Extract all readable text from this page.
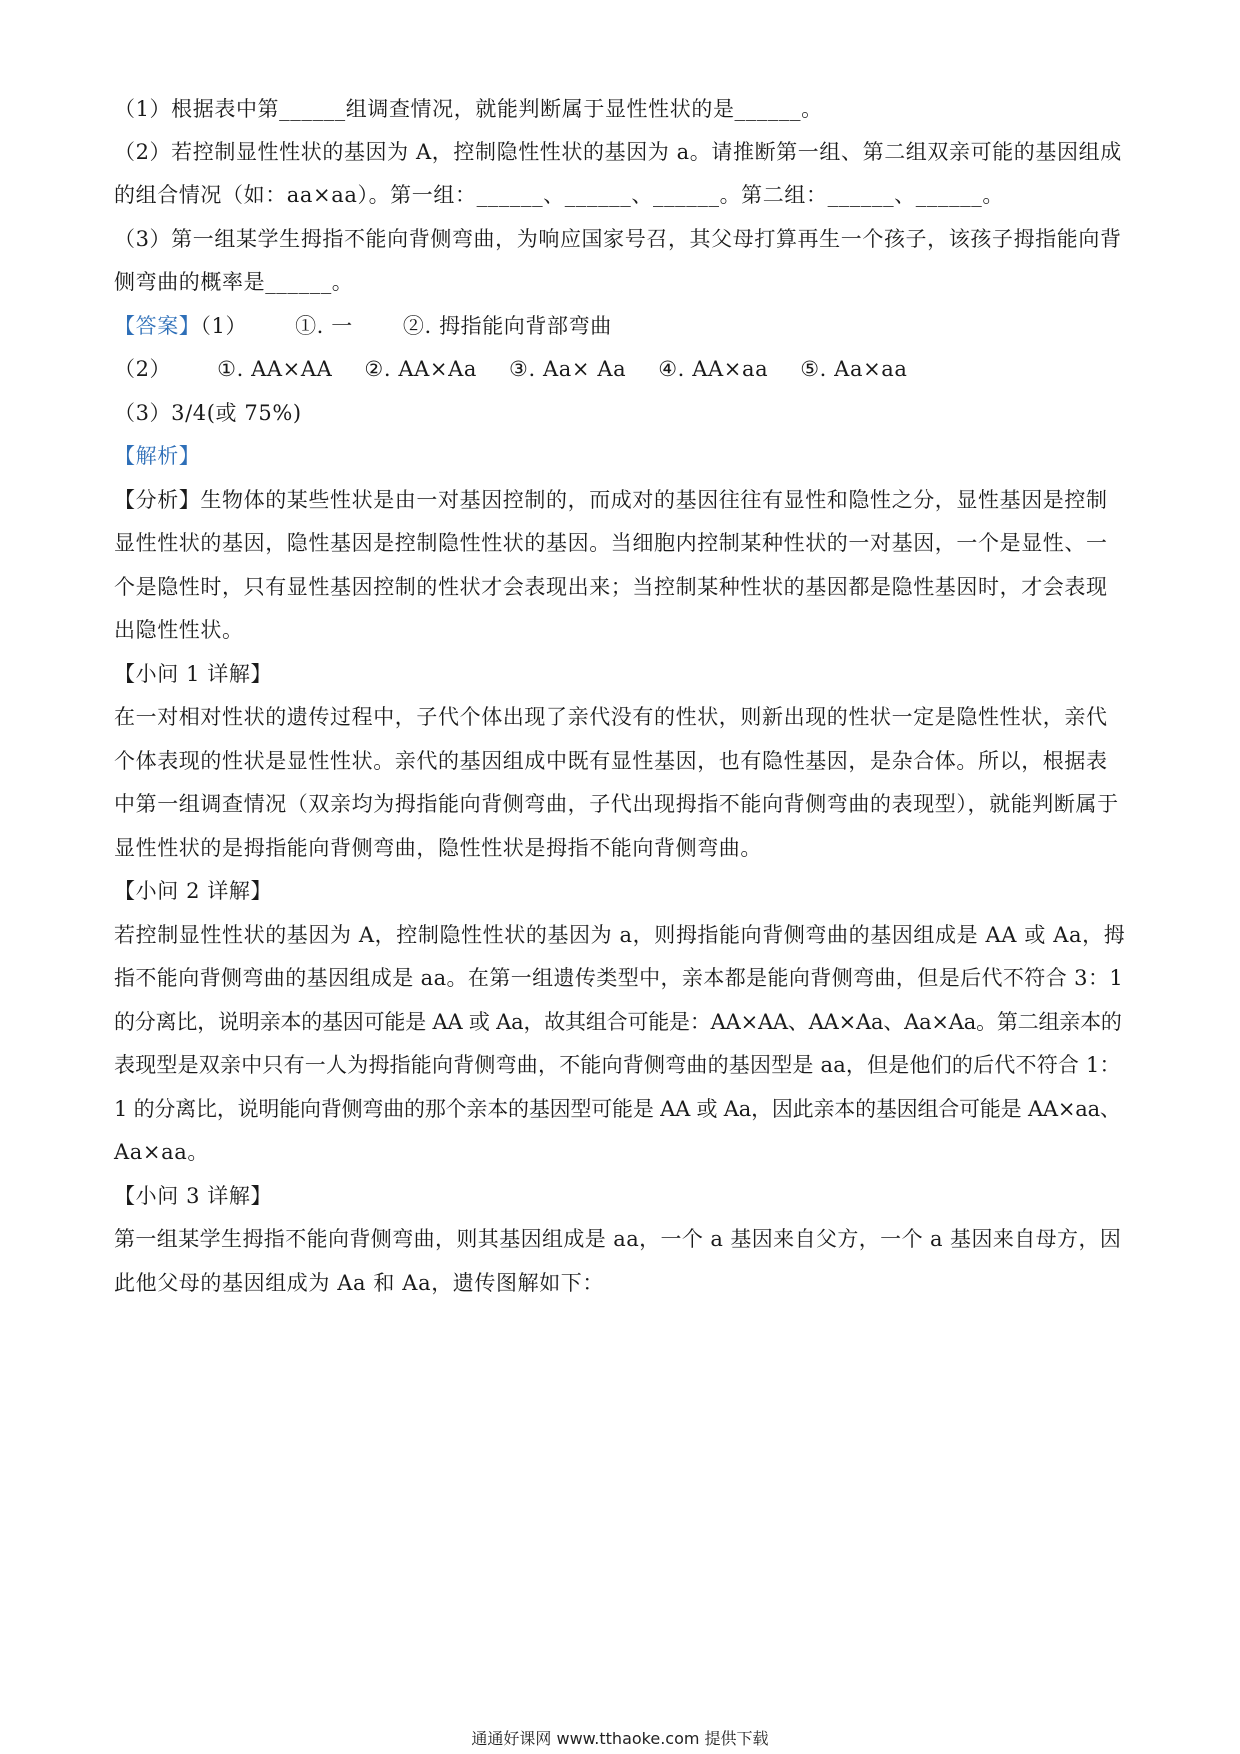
（1）根据表中第______组调查情况，就能判断属于显性性状的是______。
（2）若控制显性性状的基因为 A，控制隐性性状的基因为 a。请推断第一组、第二组双亲可能的基因组成
的组合情况（如：aa×aa）。第一组：______、______、______。第二组：______、______。
（3）第一组某学生拇指不能向背侧弯曲，为响应国家号召，其父母打算再生一个孩子，该孩子拇指能向背
侧弯曲的概率是______。
【答案】（1） ①. 一 ②. 拇指能向背部弯曲
（2） ①. AA×AA ②. AA×Aa ③. Aa× Aa ④. AA×aa ⑤. Aa×aa
（3）3/4(或 75%)
【解析】
【分析】生物体的某些性状是由一对基因控制的，而成对的基因往往有显性和隐性之分，显性基因是控制
显性性状的基因，隐性基因是控制隐性性状的基因。当细胞内控制某种性状的一对基因，一个是显性、一
个是隐性时，只有显性基因控制的性状才会表现出来；当控制某种性状的基因都是隐性基因时，才会表现
出隐性性状。
【小问 1 详解】
在一对相对性状的遗传过程中，子代个体出现了亲代没有的性状，则新出现的性状一定是隐性性状，亲代
个体表现的性状是显性性状。亲代的基因组成中既有显性基因，也有隐性基因，是杂合体。所以，根据表
中第一组调查情况（双亲均为拇指能向背侧弯曲，子代出现拇指不能向背侧弯曲的表现型），就能判断属于
显性性状的是拇指能向背侧弯曲，隐性性状是拇指不能向背侧弯曲。
【小问 2 详解】
若控制显性性状的基因为 A，控制隐性性状的基因为 a，则拇指能向背侧弯曲的基因组成是 AA 或 Aa，拇
指不能向背侧弯曲的基因组成是 aa。在第一组遗传类型中，亲本都是能向背侧弯曲，但是后代不符合 3：1
的分离比，说明亲本的基因可能是 AA 或 Aa，故其组合可能是：AA×AA、AA×Aa、Aa×Aa。第二组亲本的
表现型是双亲中只有一人为拇指能向背侧弯曲，不能向背侧弯曲的基因型是 aa，但是他们的后代不符合 1：
1 的分离比，说明能向背侧弯曲的那个亲本的基因型可能是 AA 或 Aa，因此亲本的基因组合可能是 AA×aa、
Aa×aa。
【小问 3 详解】
第一组某学生拇指不能向背侧弯曲，则其基因组成是 aa，一个 a 基因来自父方，一个 a 基因来自母方，因
此他父母的基因组成为 Aa 和 Aa，遗传图解如下：
通通好课网 www.tthaoke.com 提供下载
